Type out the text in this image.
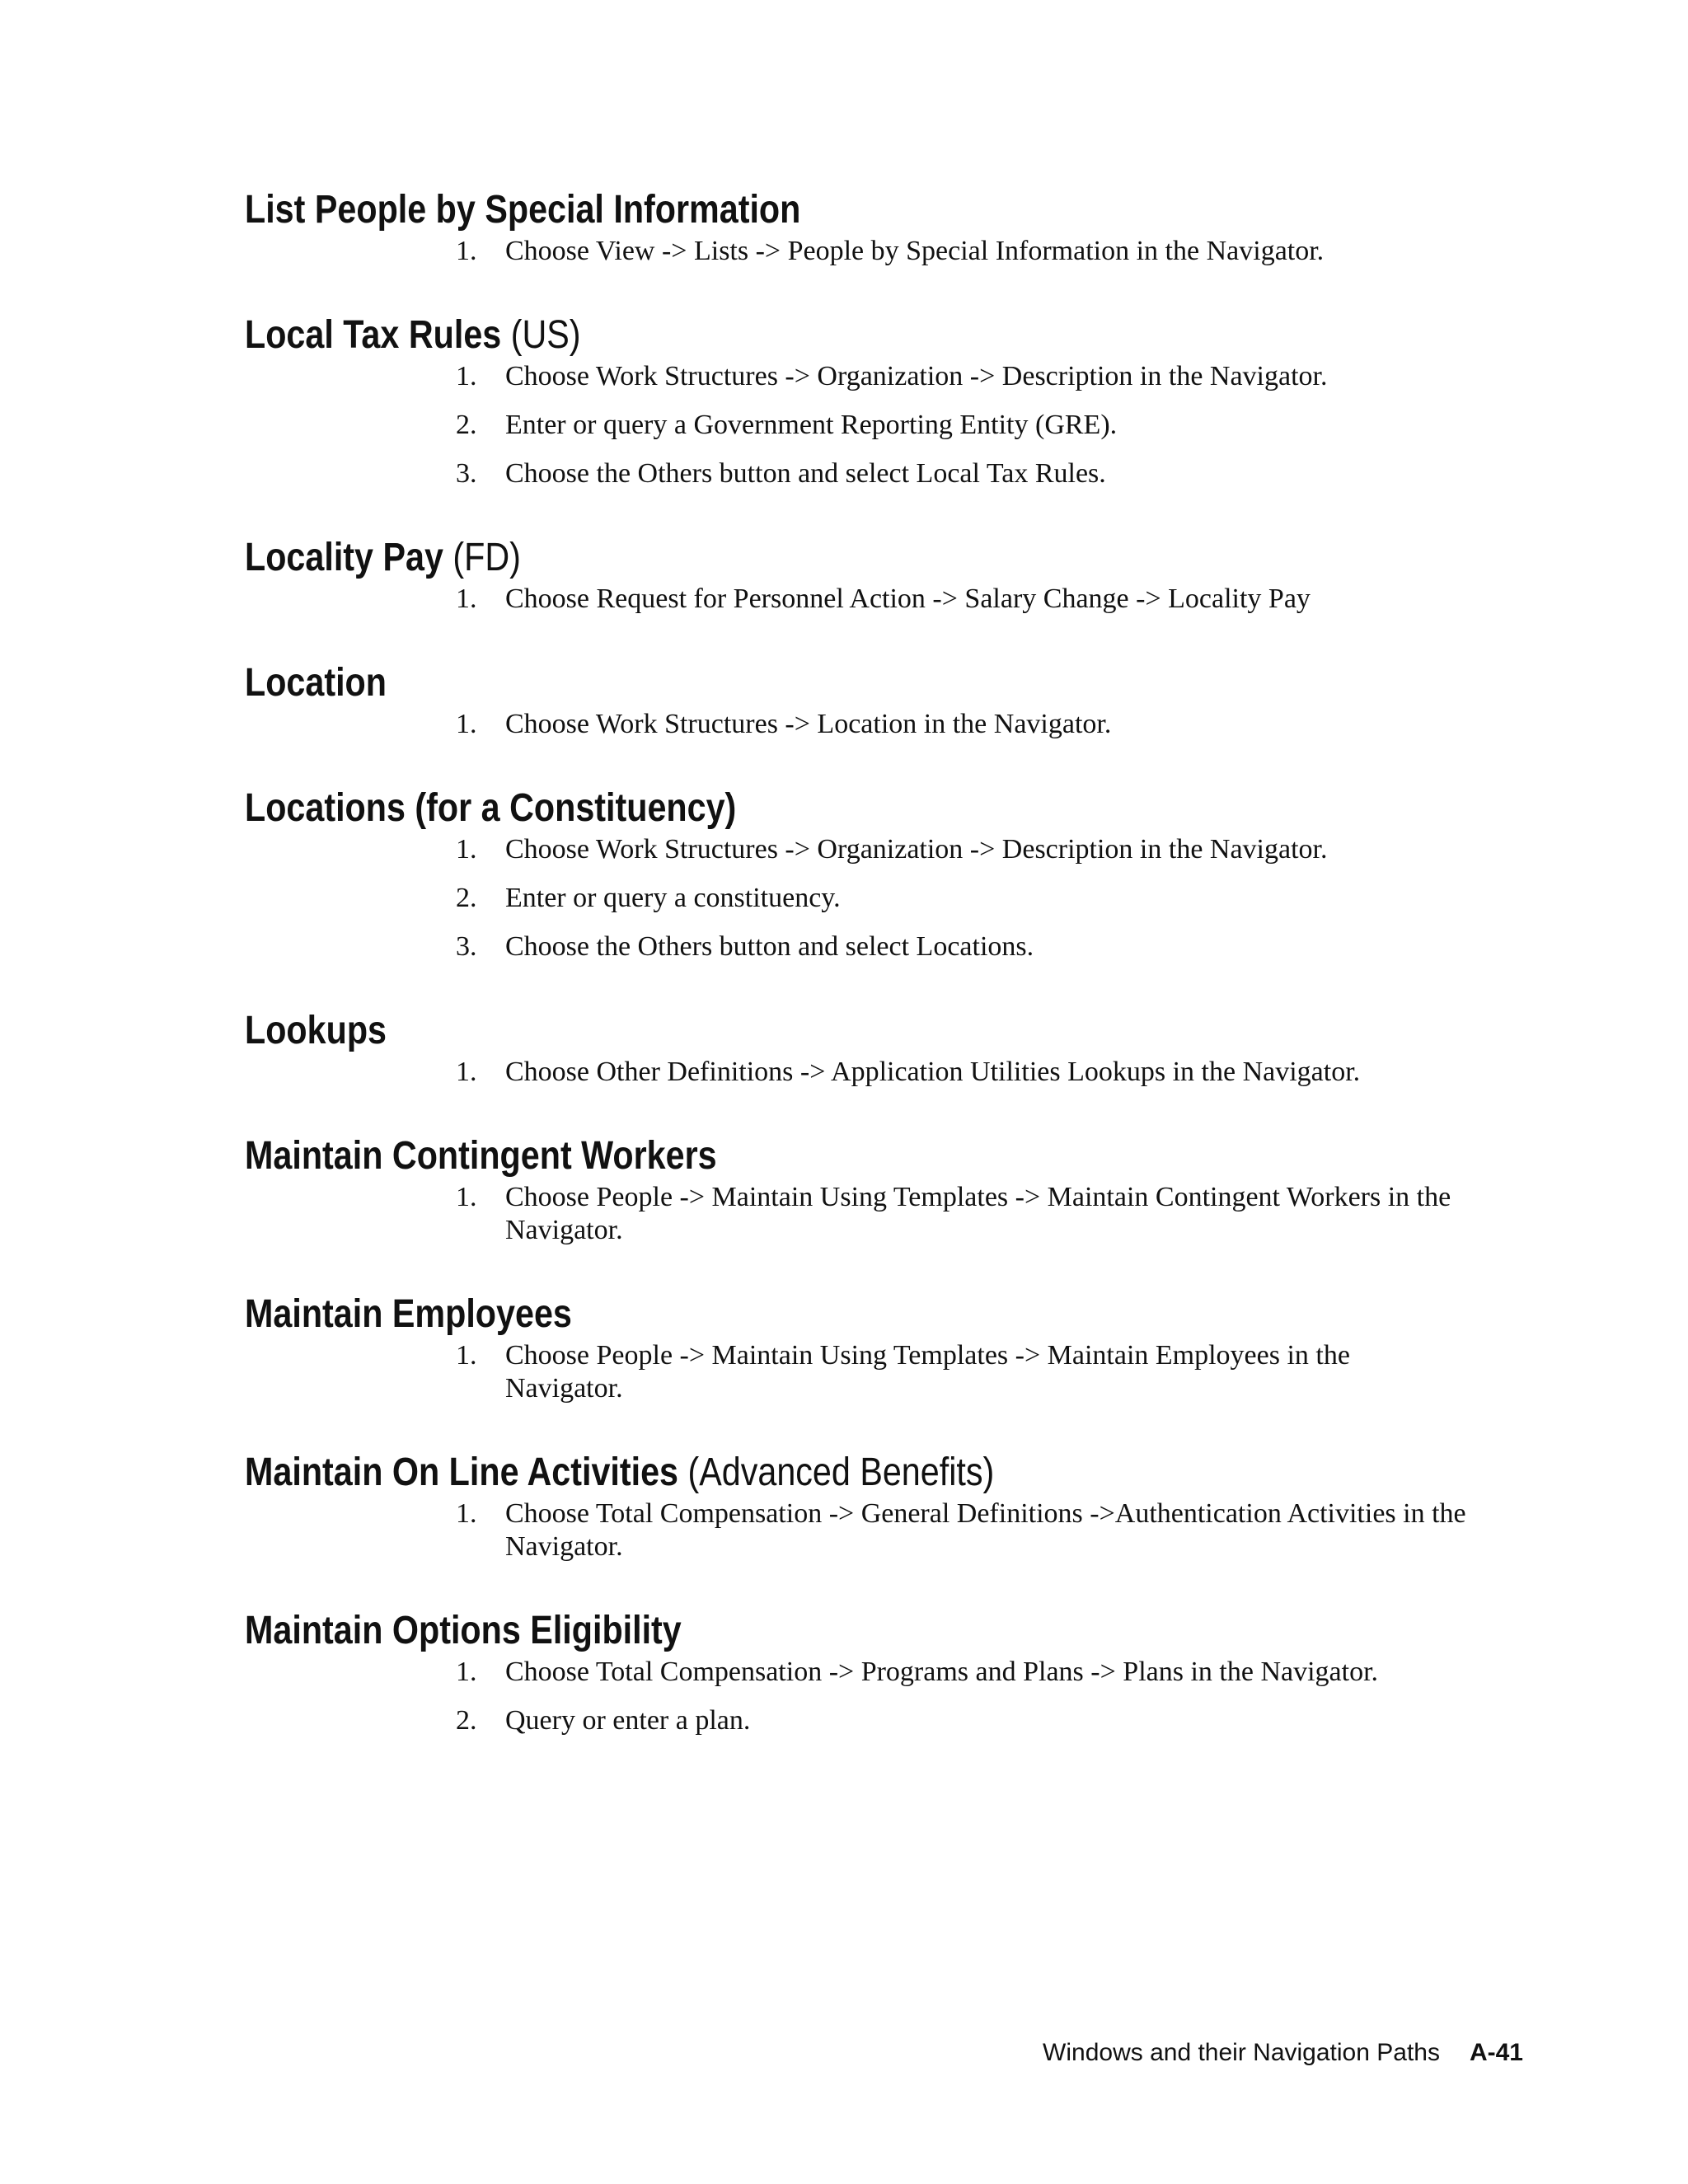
List People by Special Information
1. Choose View -> Lists -> People by Special Information in the Navigator.
Local Tax Rules (US)
1. Choose Work Structures -> Organization -> Description in the Navigator.
2. Enter or query a Government Reporting Entity (GRE).
3. Choose the Others button and select Local Tax Rules.
Locality Pay (FD)
1. Choose Request for Personnel Action -> Salary Change -> Locality Pay
Location
1. Choose Work Structures -> Location in the Navigator.
Locations (for a Constituency)
1. Choose Work Structures -> Organization -> Description in the Navigator.
2. Enter or query a constituency.
3. Choose the Others button and select Locations.
Lookups
1. Choose Other Definitions -> Application Utilities Lookups in the Navigator.
Maintain Contingent Workers
1. Choose People -> Maintain Using Templates -> Maintain Contingent Workers in the Navigator.
Maintain Employees
1. Choose People -> Maintain Using Templates -> Maintain Employees in the Navigator.
Maintain On Line Activities (Advanced Benefits)
1. Choose Total Compensation -> General Definitions ->Authentication Activities in the Navigator.
Maintain Options Eligibility
1. Choose Total Compensation -> Programs and Plans -> Plans in the Navigator.
2. Query or enter a plan.
Windows and their Navigation Paths A-41
